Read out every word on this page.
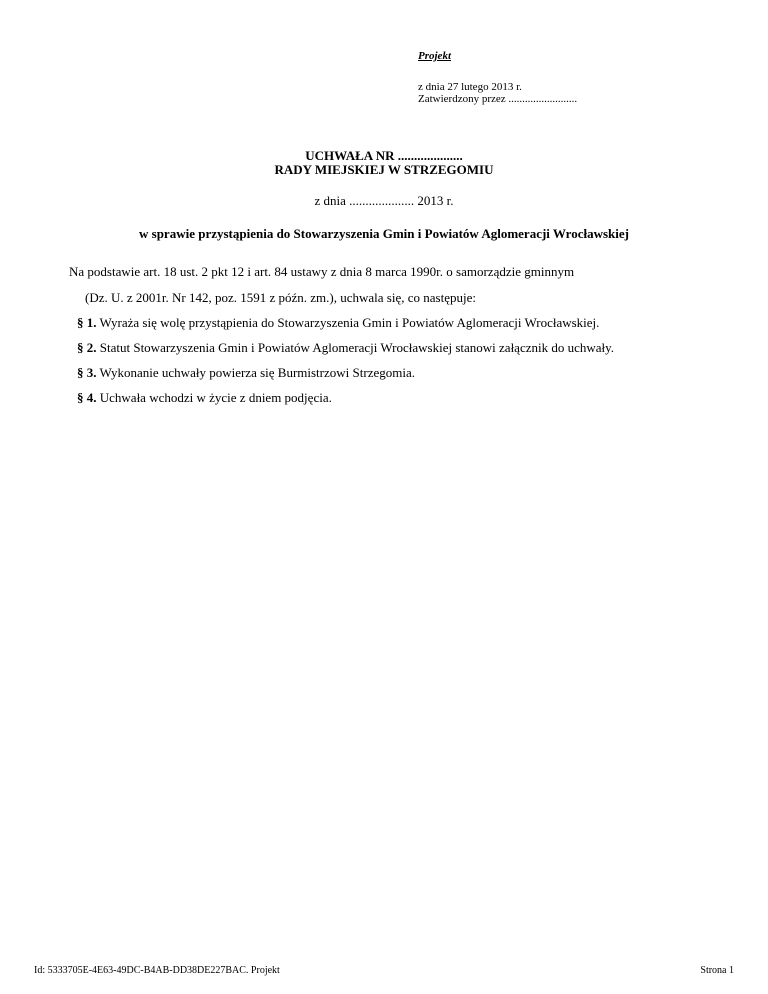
Projekt
z dnia 27 lutego 2013 r.
Zatwierdzony przez .........................
UCHWAŁA NR ....................
RADY MIEJSKIEJ W STRZEGOMIU
z dnia .................... 2013 r.
w sprawie przystąpienia do Stowarzyszenia Gmin i Powiatów Aglomeracji Wrocławskiej
Na podstawie art. 18 ust. 2 pkt 12 i art. 84 ustawy z dnia 8 marca 1990r. o samorządzie gminnym
(Dz. U. z 2001r. Nr 142, poz. 1591 z późn. zm.), uchwala się, co następuje:
§ 1. Wyraża się wolę przystąpienia do Stowarzyszenia Gmin i Powiatów Aglomeracji Wrocławskiej.
§ 2. Statut Stowarzyszenia Gmin i Powiatów Aglomeracji Wrocławskiej stanowi załącznik do uchwały.
§ 3. Wykonanie uchwały powierza się Burmistrzowi Strzegomia.
§ 4. Uchwała wchodzi w życie z dniem podjęcia.
Id: 5333705E-4E63-49DC-B4AB-DD38DE227BAC. Projekt	Strona 1
